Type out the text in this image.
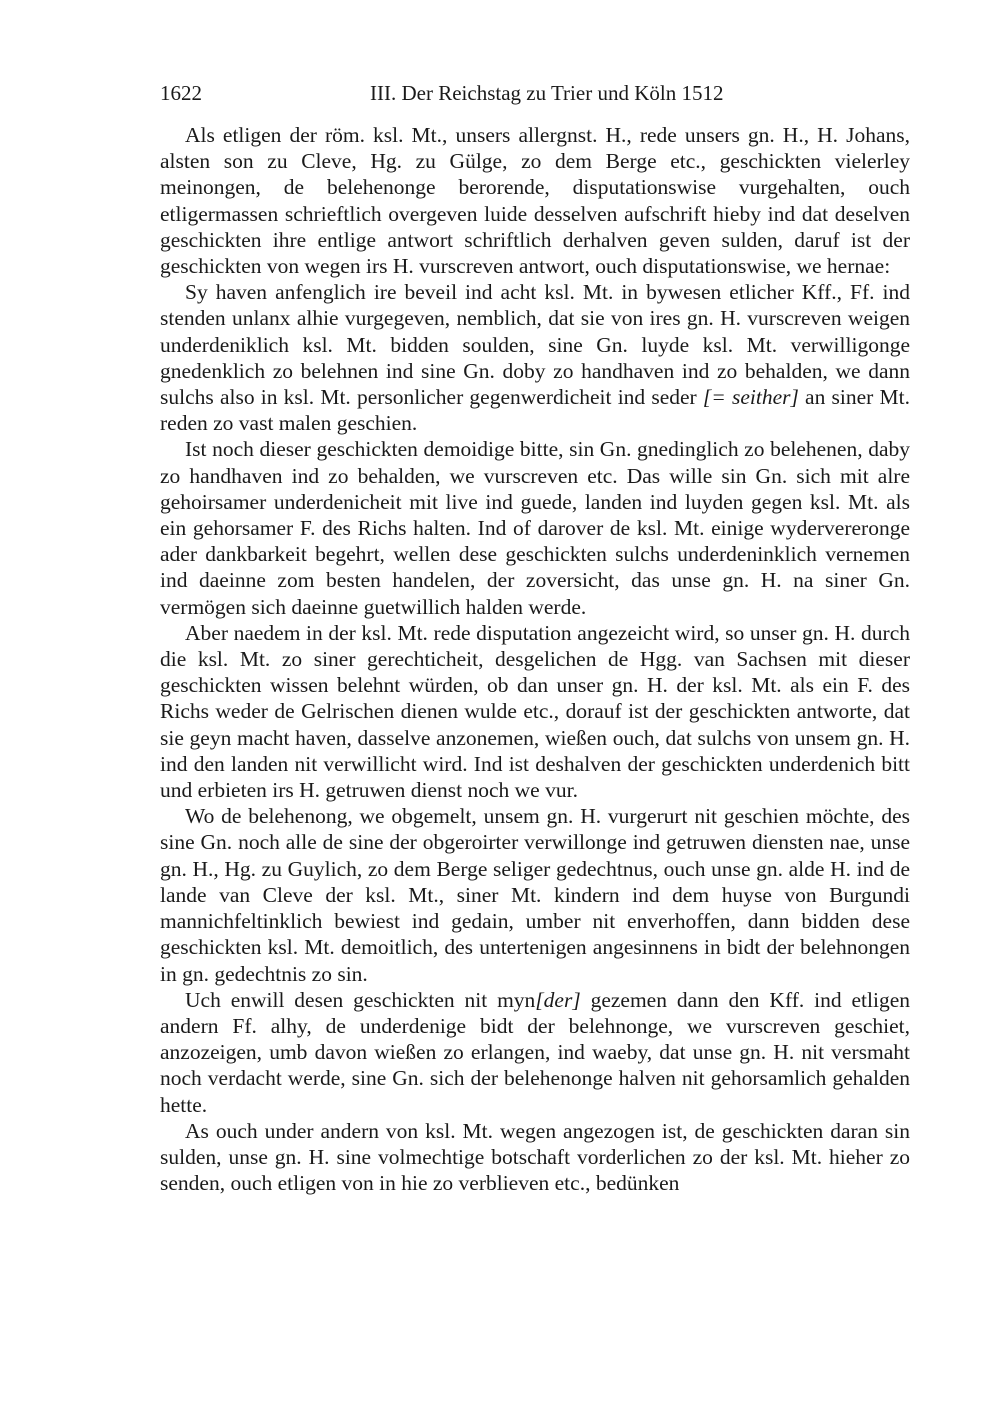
1622	III. Der Reichstag zu Trier und Köln 1512

Als etligen der röm. ksl. Mt., unsers allergnst. H., rede unsers gn. H., H. Johans, alsten son zu Cleve, Hg. zu Gülge, zo dem Berge etc., geschickten vielerley meinongen, de belehenonge berorende, disputationswise vurgehalten, ouch etligermassen schrieftlich overgeven luide desselven aufschrift hieby ind dat deselven geschickten ihre entlige antwort schriftlich derhalven geven sulden, daruf ist der geschickten von wegen irs H. vurscreven antwort, ouch disputationswise, we hernae:

Sy haven anfenglich ire beveil ind acht ksl. Mt. in bywesen etlicher Kff., Ff. ind stenden unlanx alhie vurgegeven, nemblich, dat sie von ires gn. H. vurscreven weigen underdeniklich ksl. Mt. bidden soulden, sine Gn. luyde ksl. Mt. verwilligonge gnedenklich zo belehnen ind sine Gn. doby zo handhaven ind zo behalden, we dann sulchs also in ksl. Mt. personlicher gegenwerdicheit ind seder [= seither] an siner Mt. reden zo vast malen geschien.

Ist noch dieser geschickten demoidige bitte, sin Gn. gnedinglich zo belehenen, daby zo handhaven ind zo behalden, we vurscreven etc. Das wille sin Gn. sich mit alre gehoirsamer underdenicheit mit live ind guede, landen ind luyden gegen ksl. Mt. als ein gehorsamer F. des Richs halten. Ind of darover de ksl. Mt. einige wydervereronge ader dankbarkeit begehrt, wellen dese geschickten sulchs underdeninklich vernemen ind daeinne zom besten handelen, der zoversicht, das unse gn. H. na siner Gn. vermögen sich daeinne guetwillich halden werde.

Aber naedem in der ksl. Mt. rede disputation angezeicht wird, so unser gn. H. durch die ksl. Mt. zo siner gerechticheit, desgelichen de Hgg. van Sachsen mit dieser geschickten wissen belehnt würden, ob dan unser gn. H. der ksl. Mt. als ein F. des Richs weder de Gelrischen dienen wulde etc., dorauf ist der geschickten antworte, dat sie geyn macht haven, dasselve anzonemen, wießen ouch, dat sulchs von unsem gn. H. ind den landen nit verwillicht wird. Ind ist deshalven der geschickten underdenich bitt und erbieten irs H. getruwen dienst noch we vur.

Wo de belehenong, we obgemelt, unsem gn. H. vurgerurt nit geschien möchte, des sine Gn. noch alle de sine der obgeroirter verwillonge ind getruwen diensten nae, unse gn. H., Hg. zu Guylich, zo dem Berge seliger gedechtnus, ouch unse gn. alde H. ind de lande van Cleve der ksl. Mt., siner Mt. kindern ind dem huyse von Burgundi mannichfeltinklich bewiest ind gedain, umber nit enverhoffen, dann bidden dese geschickten ksl. Mt. demoitlich, des untertenigen angesinnens in bidt der belehnongen in gn. gedechtnis zo sin.

Uch enwill desen geschickten nit myn[der] gezemen dann den Kff. ind etligen andern Ff. alhy, de underdenige bidt der belehnonge, we vurscreven geschiet, anzozeigen, umb davon wießen zo erlangen, ind waeby, dat unse gn. H. nit versmaht noch verdacht werde, sine Gn. sich der belehenonge halven nit gehorsamlich gehalden hette.

As ouch under andern von ksl. Mt. wegen angezogen ist, de geschickten daran sin sulden, unse gn. H. sine volmechtige botschaft vorderlichen zo der ksl. Mt. hieher zo senden, ouch etligen von in hie zo verblieven etc., bedünken
